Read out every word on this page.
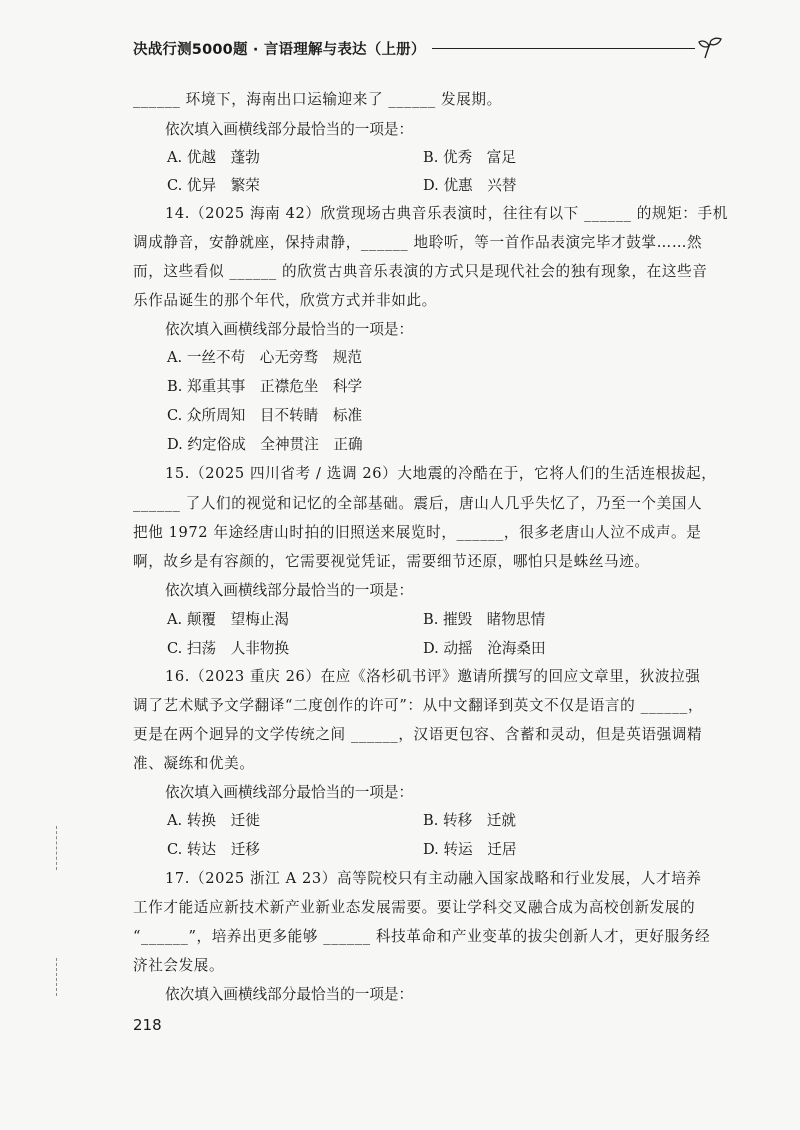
决战行测5000题 · 言语理解与表达（上册）
______ 环境下，海南出口运输迎来了 ______ 发展期。
依次填入画横线部分最恰当的一项是：
A. 优越　蓬勃	B. 优秀　富足
C. 优异　繁荣	D. 优惠　兴替
14.（2025 海南 42）欣赏现场古典音乐表演时，往往有以下 ______ 的规矩：手机
调成静音，安静就座，保持肃静，______ 地聆听，等一首作品表演完毕才鼓掌……然
而，这些看似 ______ 的欣赏古典音乐表演的方式只是现代社会的独有现象，在这些音
乐作品诞生的那个年代，欣赏方式并非如此。
依次填入画横线部分最恰当的一项是：
A. 一丝不苟　心无旁骛　规范
B. 郑重其事　正襟危坐　科学
C. 众所周知　目不转睛　标准
D. 约定俗成　全神贯注　正确
15.（2025 四川省考 / 选调 26）大地震的冷酷在于，它将人们的生活连根拔起，
______ 了人们的视觉和记忆的全部基础。震后，唐山人几乎失忆了，乃至一个美国人
把他 1972 年途经唐山时拍的旧照送来展览时，______，很多老唐山人泣不成声。是
啊，故乡是有容颜的，它需要视觉凭证，需要细节还原，哪怕只是蛛丝马迹。
依次填入画横线部分最恰当的一项是：
A. 颠覆　望梅止渴	B. 摧毁　睹物思情
C. 扫荡　人非物换	D. 动摇　沧海桑田
16.（2023 重庆 26）在应《洛杉矶书评》邀请所撰写的回应文章里，狄波拉强
调了艺术赋予文学翻译“二度创作的许可”：从中文翻译到英文不仅是语言的 ______，
更是在两个迥异的文学传统之间 ______，汉语更包容、含蓄和灵动，但是英语强调精
准、凝练和优美。
依次填入画横线部分最恰当的一项是：
A. 转换　迁徙	B. 转移　迁就
C. 转达　迁移	D. 转运　迁居
17.（2025 浙江 A 23）高等院校只有主动融入国家战略和行业发展，人才培养
工作才能适应新技术新产业新业态发展需要。要让学科交叉融合成为高校创新发展的
“______”，培养出更多能够 ______ 科技革命和产业变革的拔尖创新人才，更好服务经
济社会发展。
依次填入画横线部分最恰当的一项是：
218
